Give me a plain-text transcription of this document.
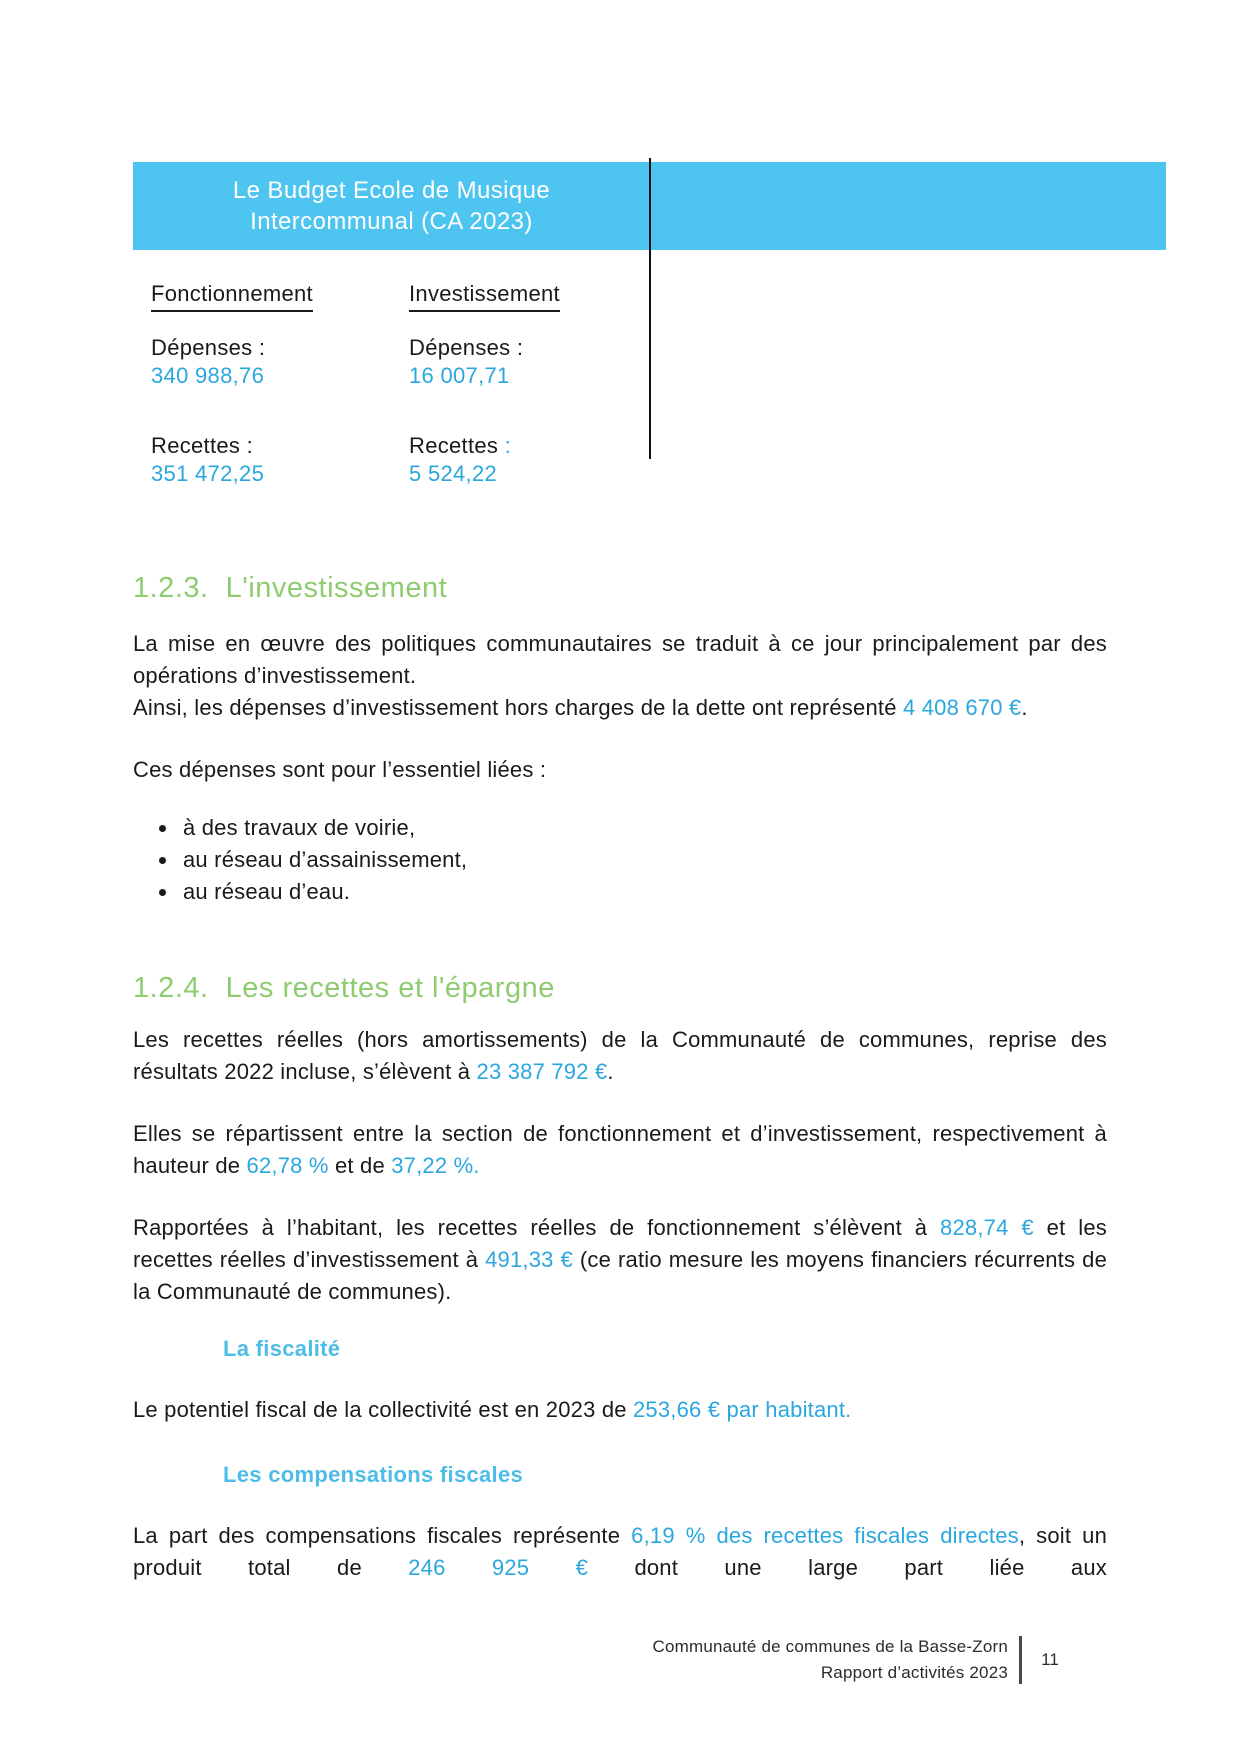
Le Budget Ecole de Musique
Intercommunal (CA 2023)
Fonctionnement
Dépenses :
340 988,76
Recettes :
351 472,25
Investissement
Dépenses :
16 007,71
Recettes :
5 524,22
1.2.3.  L'investissement

La mise en œuvre des politiques communautaires se traduit à ce jour principalement par des opérations d’investissement.

Ainsi, les dépenses d’investissement hors charges de la dette ont représenté 4 408 670 €.

Ces dépenses sont pour l’essentiel liées :

• à des travaux de voirie,
• au réseau d’assainissement,
• au réseau d’eau.
1.2.4.  Les recettes et l'épargne

Les recettes réelles (hors amortissements) de la Communauté de communes, reprise des résultats 2022 incluse, s’élèvent à 23 387 792 €.

Elles se répartissent entre la section de fonctionnement et d’investissement, respectivement à hauteur de 62,78 % et de 37,22 %.

Rapportées à l’habitant, les recettes réelles de fonctionnement s’élèvent à 828,74 € et les recettes réelles d’investissement à 491,33 € (ce ratio mesure les moyens financiers récurrents de la Communauté de communes).

La fiscalité

Le potentiel fiscal de la collectivité est en 2023 de 253,66 € par habitant.

Les compensations fiscales

La part des compensations fiscales représente 6,19 % des recettes fiscales directes, soit un produit total de 246 925 € dont une large part liée aux

Communauté de communes de la Basse-Zorn
Rapport d’activités 2023
11
